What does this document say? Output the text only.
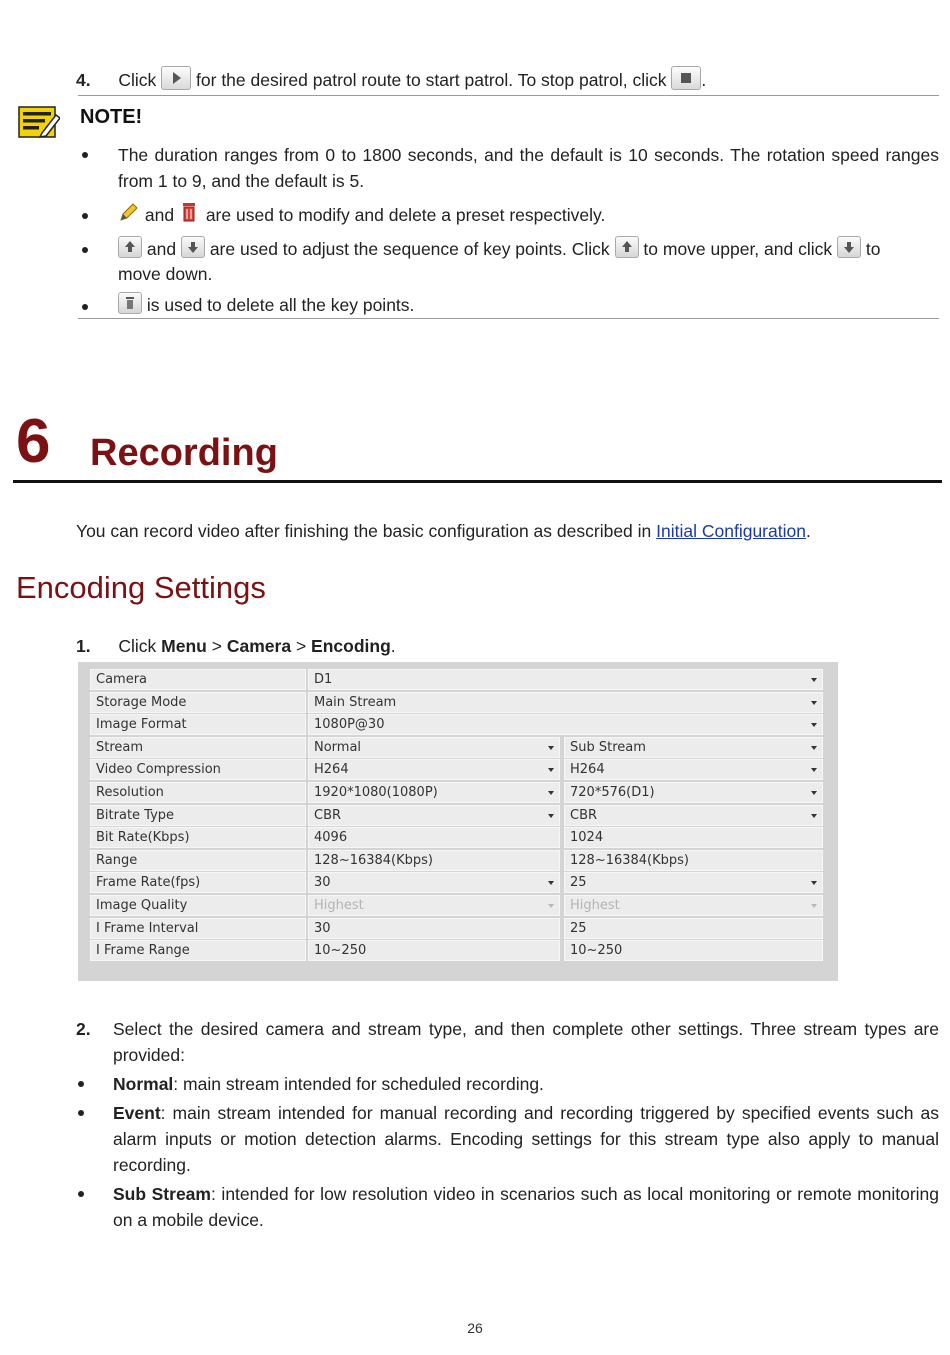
4. Click for the desired patrol route to start patrol. To stop patrol, click .
NOTE!
The duration ranges from 0 to 1800 seconds, and the default is 10 seconds. The rotation speed ranges from 1 to 9, and the default is 5.
and are used to modify and delete a preset respectively.
and are used to adjust the sequence of key points. Click to move upper, and click to
move down.
is used to delete all the key points.
6 Recording
You can record video after finishing the basic configuration as described in Initial Configuration.
Encoding Settings
1. Click Menu > Camera > Encoding.
Camera	D1
Storage Mode	Main Stream
Image Format	1080P@30
Stream	Normal	Sub Stream
Video Compression	H264	H264
Resolution	1920*1080(1080P)	720*576(D1)
Bitrate Type	CBR	CBR
Bit Rate(Kbps)	4096	1024
Range	128~16384(Kbps)	128~16384(Kbps)
Frame Rate(fps)	30	25
Image Quality	Highest	Highest
I Frame Interval	30	25
I Frame Range	10~250	10~250
2. Select the desired camera and stream type, and then complete other settings. Three stream types are provided:
Normal: main stream intended for scheduled recording.
Event: main stream intended for manual recording and recording triggered by specified events such as alarm inputs or motion detection alarms. Encoding settings for this stream type also apply to manual recording.
Sub Stream: intended for low resolution video in scenarios such as local monitoring or remote monitoring on a mobile device.
26
